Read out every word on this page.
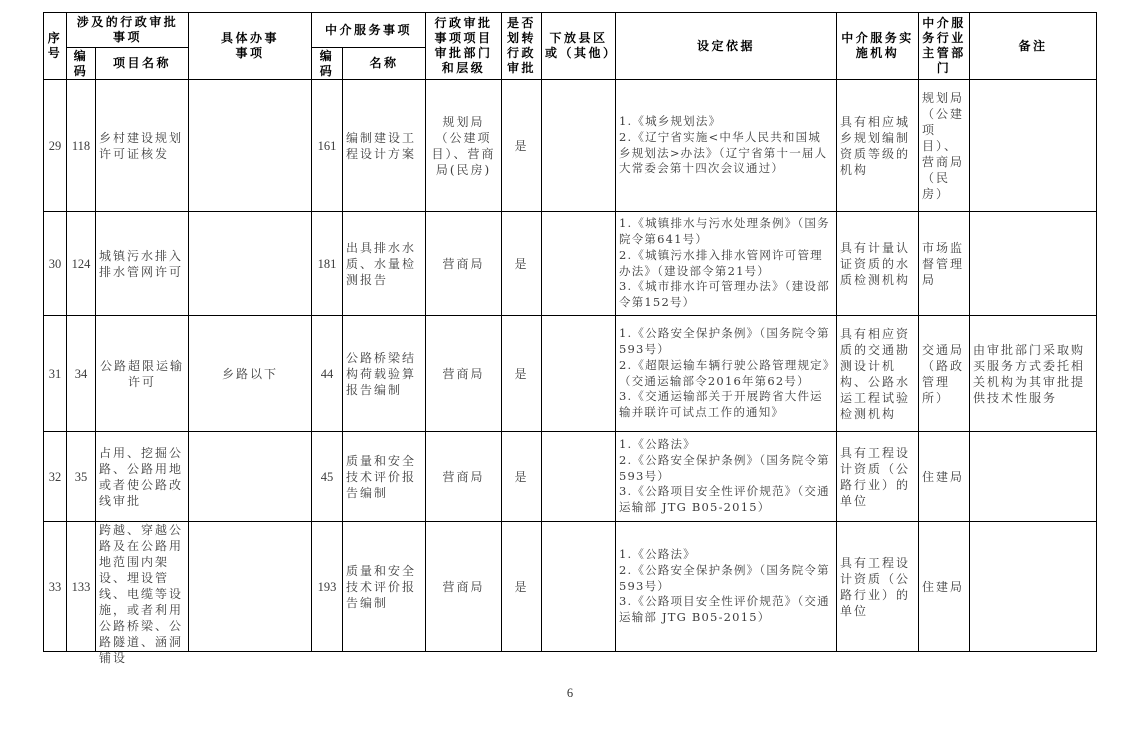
序号	涉及的行政审批事项		具体办事事项	中介服务事项		行政审批事项项目审批部门和层级	是否划转行政审批	下放县区或（其他）	设定依据	中介服务实施机构	中介服务行业主管部门	备注
	编码	项目名称		编码	名称							

29	118	乡村建设规划许可证核发		161	编制建设工程设计方案	规划局（公建项目）、营商局(民房)	是		1.《城乡规划法》
2.《辽宁省实施<中华人民共和国城乡规划法>办法》（辽宁省第十一届人大常委会第十四次会议通过）	具有相应城乡规划编制资质等级的机构	规划局（公建项目）、营商局（民房）	

30	124	城镇污水排入排水管网许可		181	出具排水水质、水量检测报告	营商局	是		1.《城镇排水与污水处理条例》（国务院令第641号）
2.《城镇污水排入排水管网许可管理办法》（建设部令第21号）
3.《城市排水许可管理办法》（建设部令第152号）	具有计量认证资质的水质检测机构	市场监督管理局	

31	34	公路超限运输许可	乡路以下	44	公路桥梁结构荷载验算报告编制	营商局	是		1.《公路安全保护条例》（国务院令第593号）
2.《超限运输车辆行驶公路管理规定》（交通运输部令2016年第62号）
3.《交通运输部关于开展跨省大件运输并联许可试点工作的通知》	具有相应资质的交通勘测设计机构、公路水运工程试验检测机构	交通局（路政管理所）	由审批部门采取购买服务方式委托相关机构为其审批提供技术性服务

32	35	占用、挖掘公路、公路用地或者使公路改线审批		45	质量和安全技术评价报告编制	营商局	是		1.《公路法》
2.《公路安全保护条例》（国务院令第593号）
3.《公路项目安全性评价规范》（交通运输部 JTG B05-2015）	具有工程设计资质（公路行业）的单位	住建局	

33	133	跨越、穿越公路及在公路用地范围内架设、埋设管线、电缆等设施，或者利用公路桥梁、公路隧道、涵洞铺设		193	质量和安全技术评价报告编制	营商局	是		1.《公路法》
2.《公路安全保护条例》（国务院令第593号）
3.《公路项目安全性评价规范》（交通运输部 JTG B05-2015）	具有工程设计资质（公路行业）的单位	住建局	

6
